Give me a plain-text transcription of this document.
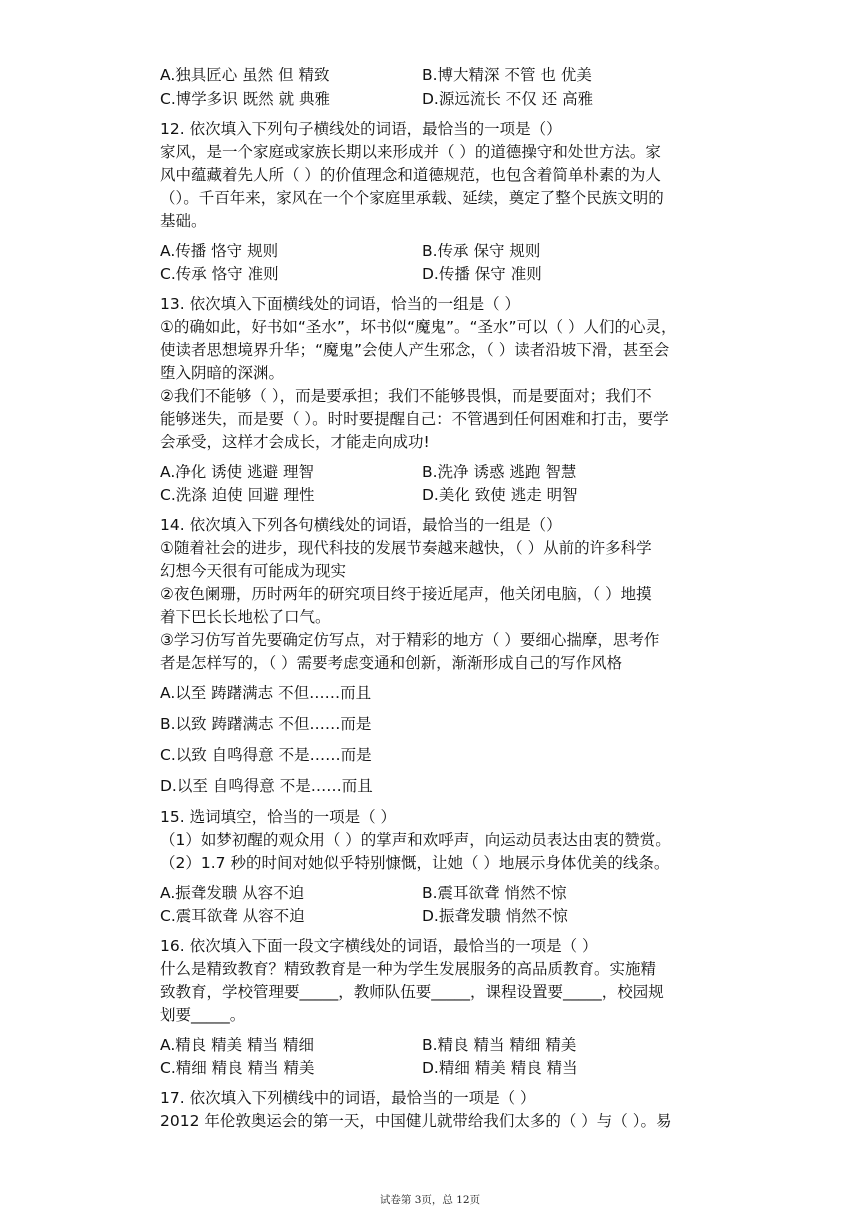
A.独具匠心 虽然 但 精致	B.博大精深 不管 也 优美
C.博学多识 既然 就 典雅	D.源远流长 不仅 还 高雅
12. 依次填入下列句子横线处的词语，最恰当的一项是（）
家风，是一个家庭或家族长期以来形成并（ ）的道德操守和处世方法。家
风中蕴藏着先人所（ ）的价值理念和道德规范，也包含着简单朴素的为人
（）。千百年来，家风在一个个家庭里承载、延续，奠定了整个民族文明的
基础。
A.传播 恪守 规则	B.传承 保守 规则
C.传承 恪守 准则	D.传播 保守 准则
13. 依次填入下面横线处的词语，恰当的一组是（ ）
①的确如此，好书如“圣水”，坏书似“魔鬼”。“圣水”可以（ ）人们的心灵，
使读者思想境界升华；“魔鬼”会使人产生邪念，（ ）读者沿坡下滑，甚至会
堕入阴暗的深渊。
②我们不能够（ ），而是要承担；我们不能够畏惧，而是要面对；我们不
能够迷失，而是要（ ）。时时要提醒自己：不管遇到任何困难和打击，要学
会承受，这样才会成长，才能走向成功!
A.净化 诱使 逃避 理智	B.洗净 诱惑 逃跑 智慧
C.洗涤 迫使 回避 理性	D.美化 致使 逃走 明智
14. 依次填入下列各句横线处的词语，最恰当的一组是（）
①随着社会的进步，现代科技的发展节奏越来越快，（ ）从前的许多科学
幻想今天很有可能成为现实
②夜色阑珊，历时两年的研究项目终于接近尾声，他关闭电脑，（ ）地摸
着下巴长长地松了口气。
③学习仿写首先要确定仿写点，对于精彩的地方（ ）要细心揣摩，思考作
者是怎样写的，（ ）需要考虑变通和创新，渐渐形成自己的写作风格
A.以至 踌躇满志 不但……而且
B.以致 踌躇满志 不但……而是
C.以致 自鸣得意 不是……而是
D.以至 自鸣得意 不是……而且
15. 选词填空，恰当的一项是（ ）
（1）如梦初醒的观众用（ ）的掌声和欢呼声，向运动员表达由衷的赞赏。
（2）1.7 秒的时间对她似乎特别慷慨，让她（ ）地展示身体优美的线条。
A.振聋发聩 从容不迫	B.震耳欲聋 悄然不惊
C.震耳欲聋 从容不迫	D.振聋发聩 悄然不惊
16. 依次填入下面一段文字横线处的词语，最恰当的一项是（ ）
什么是精致教育？精致教育是一种为学生发展服务的高品质教育。实施精
致教育，学校管理要_____，教师队伍要_____，课程设置要_____，校园规
划要_____。
A.精良 精美 精当 精细	B.精良 精当 精细 精美
C.精细 精良 精当 精美	D.精细 精美 精良 精当
17. 依次填入下列横线中的词语，最恰当的一项是（ ）
2012 年伦敦奥运会的第一天，中国健儿就带给我们太多的（ ）与（ ）。易
试卷第 3页，总 12页
